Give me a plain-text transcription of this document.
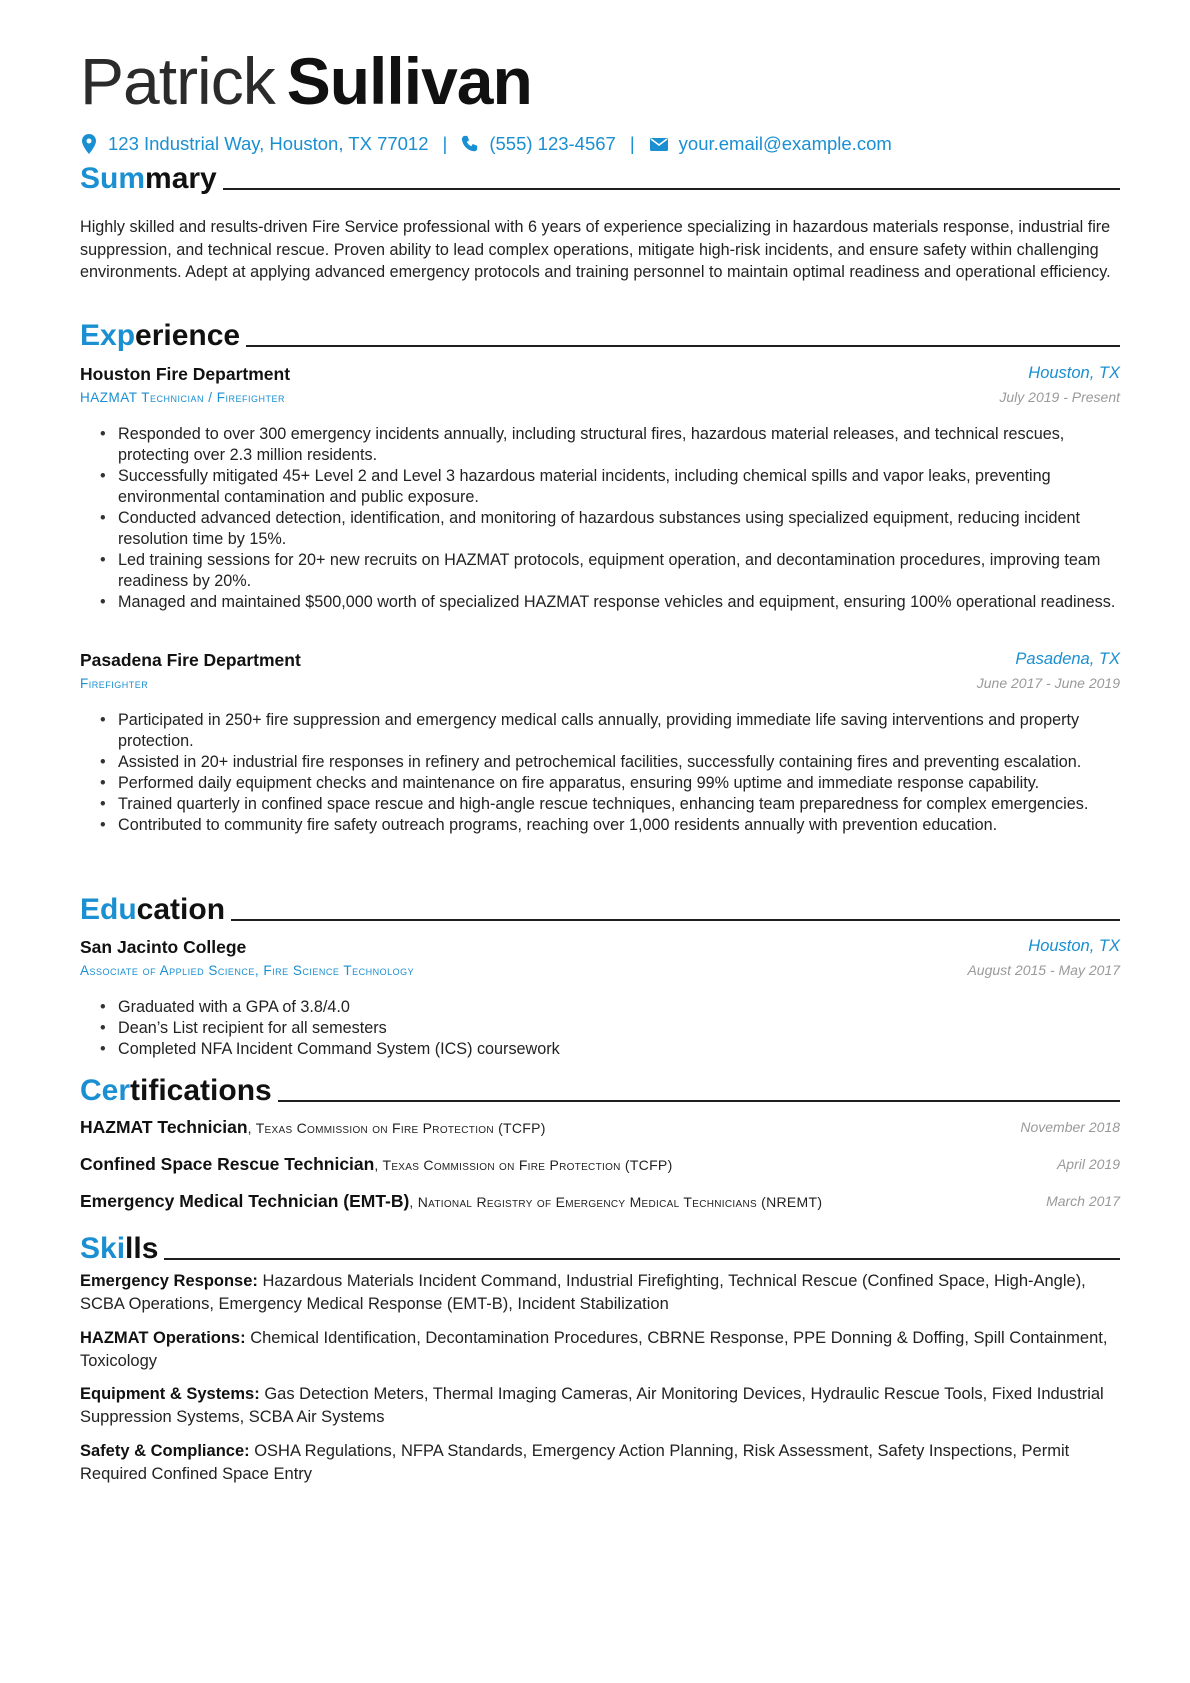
Patrick Sullivan
123 Industrial Way, Houston, TX 77012 | (555) 123-4567 | your.email@example.com
Summary
Highly skilled and results-driven Fire Service professional with 6 years of experience specializing in hazardous materials response, industrial fire suppression, and technical rescue. Proven ability to lead complex operations, mitigate high-risk incidents, and ensure safety within challenging environments. Adept at applying advanced emergency protocols and training personnel to maintain optimal readiness and operational efficiency.
Experience
Houston Fire Department	Houston, TX
HAZMAT Technician / Firefighter	July 2019 - Present
• Responded to over 300 emergency incidents annually, including structural fires, hazardous material releases, and technical rescues, protecting over 2.3 million residents.
• Successfully mitigated 45+ Level 2 and Level 3 hazardous material incidents, including chemical spills and vapor leaks, preventing environmental contamination and public exposure.
• Conducted advanced detection, identification, and monitoring of hazardous substances using specialized equipment, reducing incident resolution time by 15%.
• Led training sessions for 20+ new recruits on HAZMAT protocols, equipment operation, and decontamination procedures, improving team readiness by 20%.
• Managed and maintained $500,000 worth of specialized HAZMAT response vehicles and equipment, ensuring 100% operational readiness.
Pasadena Fire Department	Pasadena, TX
Firefighter	June 2017 - June 2019
• Participated in 250+ fire suppression and emergency medical calls annually, providing immediate life saving interventions and property protection.
• Assisted in 20+ industrial fire responses in refinery and petrochemical facilities, successfully containing fires and preventing escalation.
• Performed daily equipment checks and maintenance on fire apparatus, ensuring 99% uptime and immediate response capability.
• Trained quarterly in confined space rescue and high-angle rescue techniques, enhancing team preparedness for complex emergencies.
• Contributed to community fire safety outreach programs, reaching over 1,000 residents annually with prevention education.
Education
San Jacinto College	Houston, TX
Associate of Applied Science, Fire Science Technology	August 2015 - May 2017
• Graduated with a GPA of 3.8/4.0
• Dean’s List recipient for all semesters
• Completed NFA Incident Command System (ICS) coursework
Certifications
HAZMAT Technician, Texas Commission on Fire Protection (TCFP)	November 2018
Confined Space Rescue Technician, Texas Commission on Fire Protection (TCFP)	April 2019
Emergency Medical Technician (EMT-B), National Registry of Emergency Medical Technicians (NREMT)	March 2017
Skills
Emergency Response: Hazardous Materials Incident Command, Industrial Firefighting, Technical Rescue (Confined Space, High-Angle), SCBA Operations, Emergency Medical Response (EMT-B), Incident Stabilization
HAZMAT Operations: Chemical Identification, Decontamination Procedures, CBRNE Response, PPE Donning & Doffing, Spill Containment, Toxicology
Equipment & Systems: Gas Detection Meters, Thermal Imaging Cameras, Air Monitoring Devices, Hydraulic Rescue Tools, Fixed Industrial Suppression Systems, SCBA Air Systems
Safety & Compliance: OSHA Regulations, NFPA Standards, Emergency Action Planning, Risk Assessment, Safety Inspections, Permit Required Confined Space Entry
